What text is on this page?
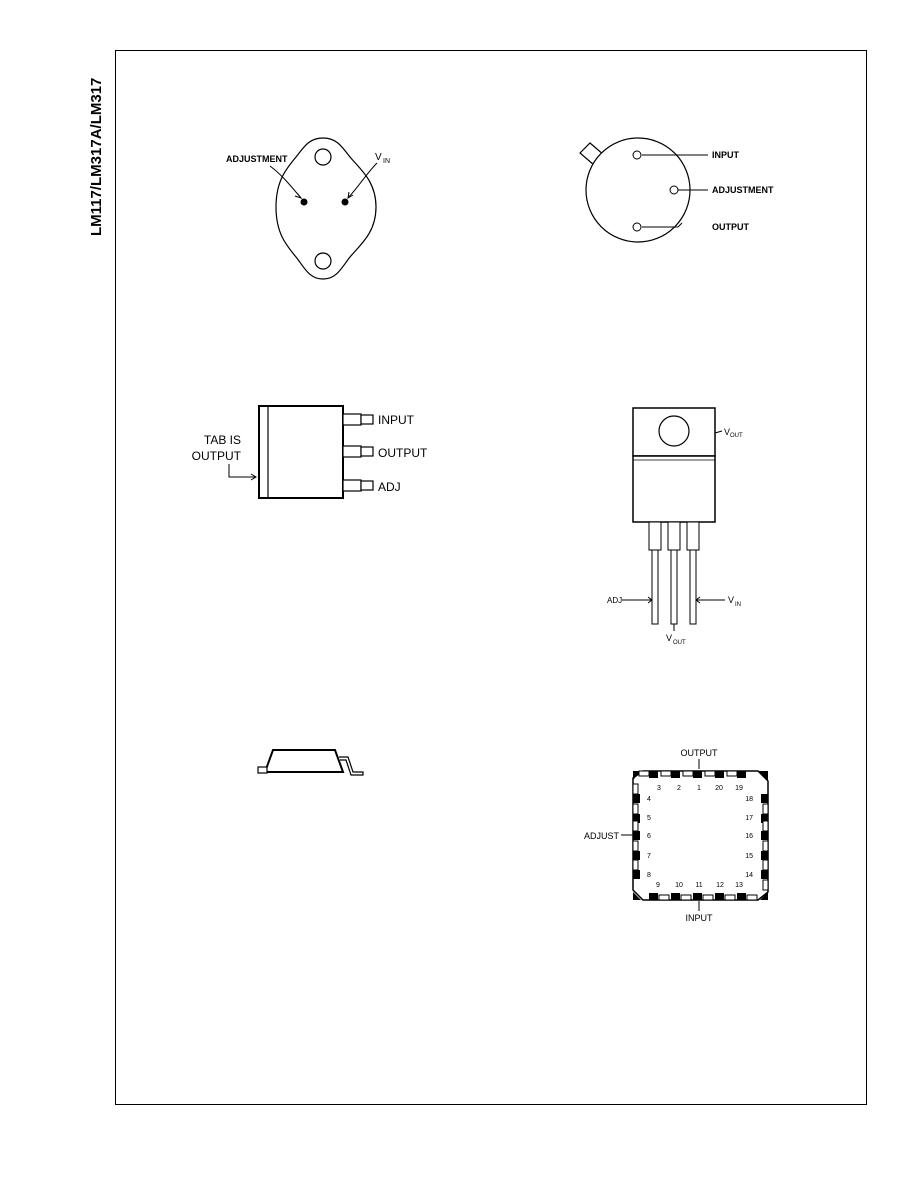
LM117/LM317A/LM317	ADJUSTMENT	V IN
INPUT
ADJUSTMENT
OUTPUT
INPUT
OUTPUT
ADJ
TAB IS
OUTPUT
V OUT
ADJ	V IN
V OUT
OUTPUT
INPUT
ADJUST
3 2 1 20 19
9 10 11 12 13
4
5
6
7
8
18
17
16
15
14
